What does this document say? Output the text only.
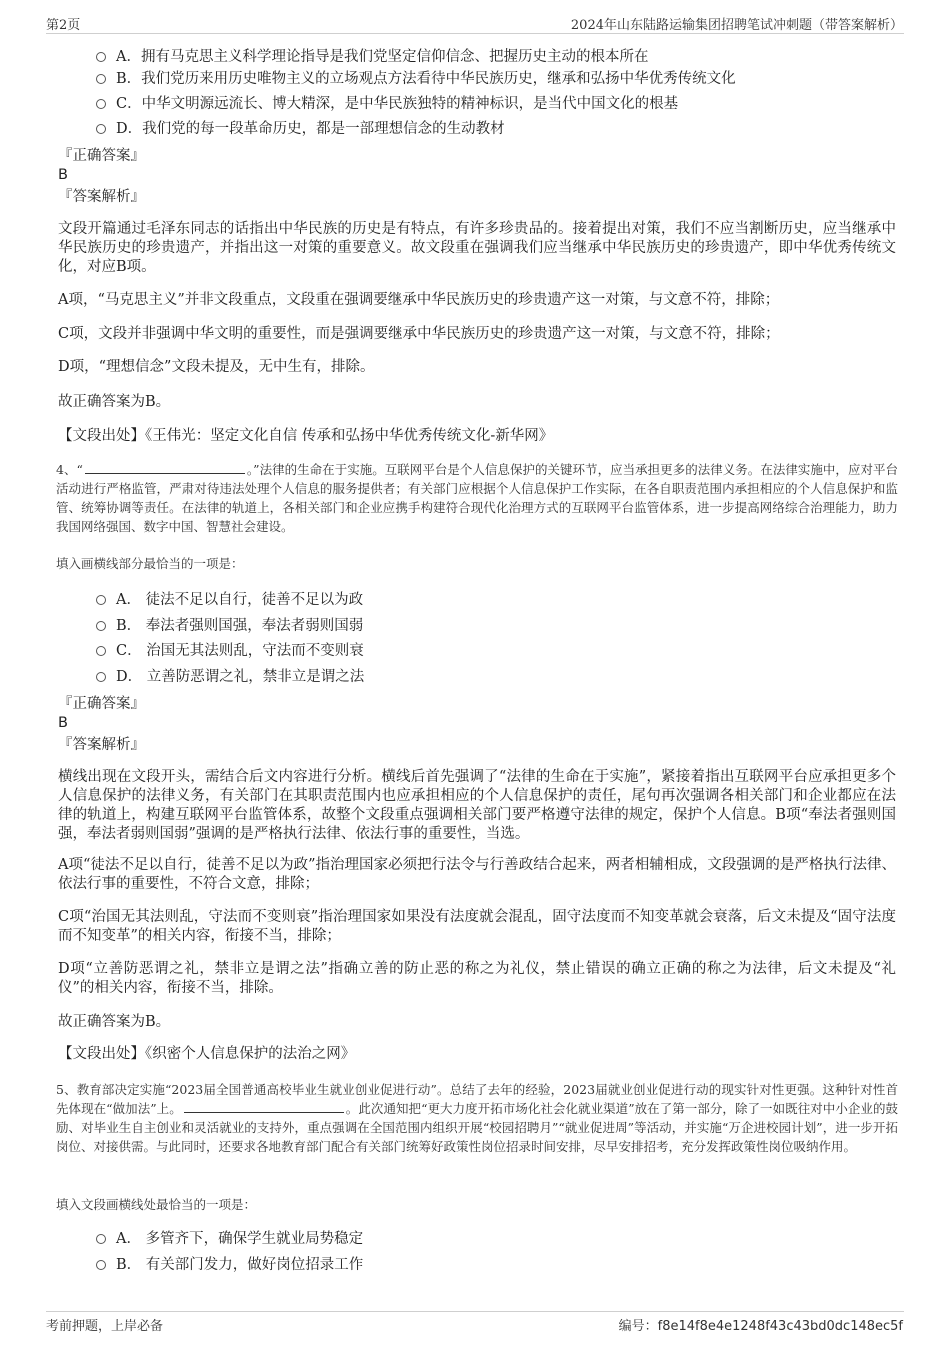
第2页	2024年山东陆路运输集团招聘笔试冲刺题（带答案解析）
A．拥有马克思主义科学理论指导是我们党坚定信仰信念、把握历史主动的根本所在
B．我们党历来用历史唯物主义的立场观点方法看待中华民族历史，继承和弘扬中华优秀传统文化
C．中华文明源远流长、博大精深，是中华民族独特的精神标识，是当代中国文化的根基
D．我们党的每一段革命历史，都是一部理想信念的生动教材
『正确答案』
B
『答案解析』
文段开篇通过毛泽东同志的话指出中华民族的历史是有特点，有许多珍贵品的。接着提出对策，我们不应当割断历史，应当继承中华民族历史的珍贵遗产，并指出这一对策的重要意义。故文段重在强调我们应当继承中华民族历史的珍贵遗产，即中华优秀传统文化，对应B项。
A项，“马克思主义”并非文段重点，文段重在强调要继承中华民族历史的珍贵遗产这一对策，与文意不符，排除；
C项，文段并非强调中华文明的重要性，而是强调要继承中华民族历史的珍贵遗产这一对策，与文意不符，排除；
D项，“理想信念”文段未提及，无中生有，排除。
故正确答案为B。
【文段出处】《王伟光：坚定文化自信 传承和弘扬中华优秀传统文化-新华网》
4、“	。”法律的生命在于实施。互联网平台是个人信息保护的关键环节，应当承担更多的法律义务。在法律实施中，应对平台活动进行严格监管，严肃对待违法处理个人信息的服务提供者；有关部门应根据个人信息保护工作实际，在各自职责范围内承担相应的个人信息保护和监管、统筹协调等责任。在法律的轨道上，各相关部门和企业应携手构建符合现代化治理方式的互联网平台监管体系，进一步提高网络综合治理能力，助力我国网络强国、数字中国、智慧社会建设。
填入画横线部分最恰当的一项是：
A． 徒法不足以自行，徒善不足以为政
B． 奉法者强则国强，奉法者弱则国弱
C． 治国无其法则乱，守法而不变则衰
D． 立善防恶谓之礼，禁非立是谓之法
『正确答案』
B
『答案解析』
横线出现在文段开头，需结合后文内容进行分析。横线后首先强调了“法律的生命在于实施”，紧接着指出互联网平台应承担更多个人信息保护的法律义务，有关部门在其职责范围内也应承担相应的个人信息保护的责任，尾句再次强调各相关部门和企业都应在法律的轨道上，构建互联网平台监管体系，故整个文段重点强调相关部门要严格遵守法律的规定，保护个人信息。B项“奉法者强则国强，奉法者弱则国弱”强调的是严格执行法律、依法行事的重要性，当选。
A项“徒法不足以自行，徒善不足以为政”指治理国家必须把行法令与行善政结合起来，两者相辅相成，文段强调的是严格执行法律、依法行事的重要性，不符合文意，排除；
C项“治国无其法则乱，守法而不变则衰”指治理国家如果没有法度就会混乱，固守法度而不知变革就会衰落，后文未提及“固守法度而不知变革”的相关内容，衔接不当，排除；
D项“立善防恶谓之礼，禁非立是谓之法”指确立善的防止恶的称之为礼仪，禁止错误的确立正确的称之为法律，后文未提及“礼仪”的相关内容，衔接不当，排除。
故正确答案为B。
【文段出处】《织密个人信息保护的法治之网》
5、教育部决定实施“2023届全国普通高校毕业生就业创业促进行动”。总结了去年的经验，2023届就业创业促进行动的现实针对性更强。这种针对性首先体现在“做加法”上。	。此次通知把“更大力度开拓市场化社会化就业渠道”放在了第一部分，除了一如既往对中小企业的鼓励、对毕业生自主创业和灵活就业的支持外，重点强调在全国范围内组织开展“校园招聘月”“就业促进周”等活动，并实施“万企进校园计划”，进一步开拓岗位、对接供需。与此同时，还要求各地教育部门配合有关部门统筹好政策性岗位招录时间安排，尽早安排招考，充分发挥政策性岗位吸纳作用。
填入文段画横线处最恰当的一项是：
A． 多管齐下，确保学生就业局势稳定
B． 有关部门发力，做好岗位招录工作
考前押题，上岸必备	编号：f8e14f8e4e1248f43c43bd0dc148ec5f
